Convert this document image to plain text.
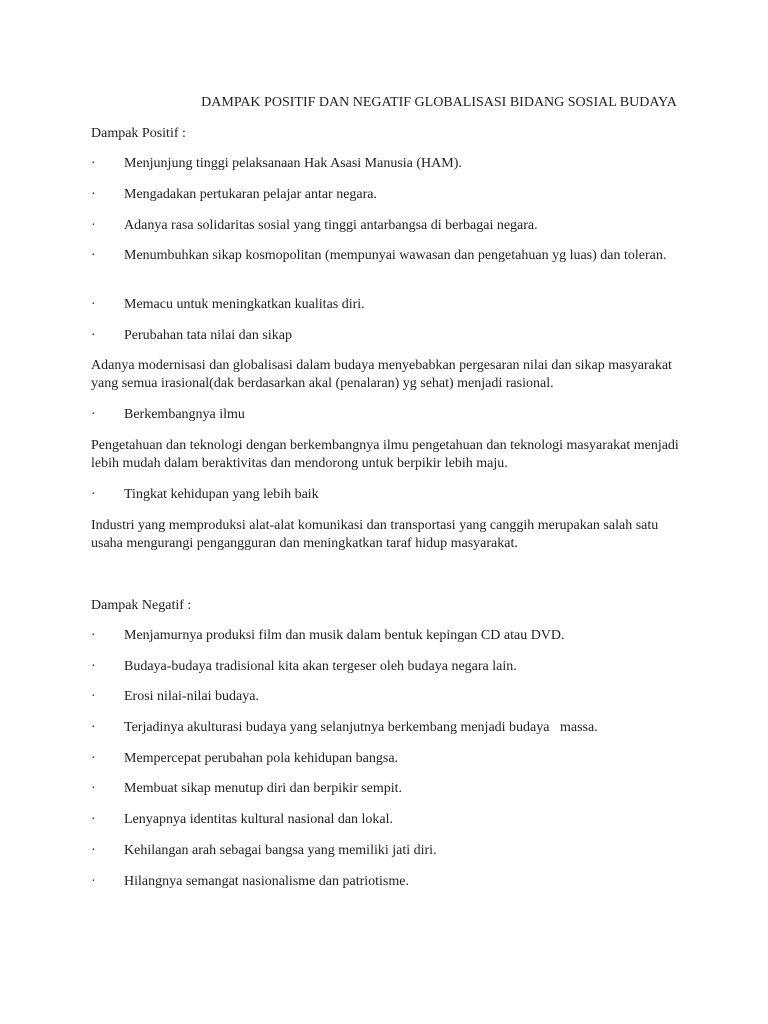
DAMPAK POSITIF DAN NEGATIF GLOBALISASI BIDANG SOSIAL BUDAYA
Dampak Positif :
· Menjunjung tinggi pelaksanaan Hak Asasi Manusia (HAM).
· Mengadakan pertukaran pelajar antar negara.
· Adanya rasa solidaritas sosial yang tinggi antarbangsa di berbagai negara.
· Menumbuhkan sikap kosmopolitan (mempunyai wawasan dan pengetahuan yg luas) dan toleran.
· Memacu untuk meningkatkan kualitas diri.
· Perubahan tata nilai dan sikap
Adanya modernisasi dan globalisasi dalam budaya menyebabkan pergesaran nilai dan sikap masyarakat yang semua irasional(dak berdasarkan akal (penalaran) yg sehat) menjadi rasional.
· Berkembangnya ilmu
Pengetahuan dan teknologi dengan berkembangnya ilmu pengetahuan dan teknologi masyarakat menjadi lebih mudah dalam beraktivitas dan mendorong untuk berpikir lebih maju.
· Tingkat kehidupan yang lebih baik
Industri yang memproduksi alat-alat komunikasi dan transportasi yang canggih merupakan salah satu usaha mengurangi pengangguran dan meningkatkan taraf hidup masyarakat.
Dampak Negatif :
· Menjamurnya produksi film dan musik dalam bentuk kepingan CD atau DVD.
· Budaya-budaya tradisional kita akan tergeser oleh budaya negara lain.
· Erosi nilai-nilai budaya.
· Terjadinya akulturasi budaya yang selanjutnya berkembang menjadi budaya   massa.
· Mempercepat perubahan pola kehidupan bangsa.
· Membuat sikap menutup diri dan berpikir sempit.
· Lenyapnya identitas kultural nasional dan lokal.
· Kehilangan arah sebagai bangsa yang memiliki jati diri.
· Hilangnya semangat nasionalisme dan patriotisme.
